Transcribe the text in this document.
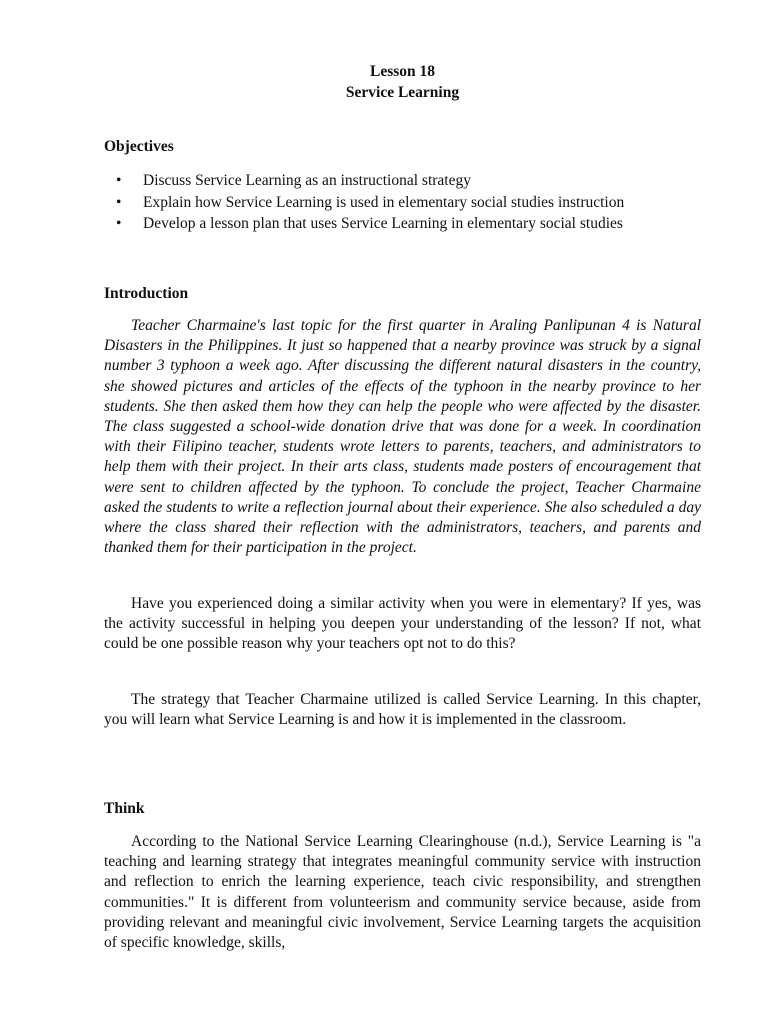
Lesson 18
Service Learning
Objectives
• Discuss Service Learning as an instructional strategy
• Explain how Service Learning is used in elementary social studies instruction
• Develop a lesson plan that uses Service Learning in elementary social studies
Introduction

Teacher Charmaine's last topic for the first quarter in Araling Panlipunan 4 is Natural Disasters in the Philippines. It just so happened that a nearby province was struck by a signal number 3 typhoon a week ago. After discussing the different natural disasters in the country, she showed pictures and articles of the effects of the typhoon in the nearby province to her students. She then asked them how they can help the people who were affected by the disaster. The class suggested a school-wide donation drive that was done for a week. In coordination with their Filipino teacher, students wrote letters to parents, teachers, and administrators to help them with their project. In their arts class, students made posters of encouragement that were sent to children affected by the typhoon. To conclude the project, Teacher Charmaine asked the students to write a reflection journal about their experience. She also scheduled a day where the class shared their reflection with the administrators, teachers, and parents and thanked them for their participation in the project.

Have you experienced doing a similar activity when you were in elementary? If yes, was the activity successful in helping you deepen your understanding of the lesson? If not, what could be one possible reason why your teachers opt not to do this?

The strategy that Teacher Charmaine utilized is called Service Learning. In this chapter, you will learn what Service Learning is and how it is implemented in the classroom.

Think

According to the National Service Learning Clearinghouse (n.d.), Service Learning is "a teaching and learning strategy that integrates meaningful community service with instruction and reflection to enrich the learning experience, teach civic responsibility, and strengthen communities." It is different from volunteerism and community service because, aside from providing relevant and meaningful civic involvement, Service Learning targets the acquisition of specific knowledge, skills,
